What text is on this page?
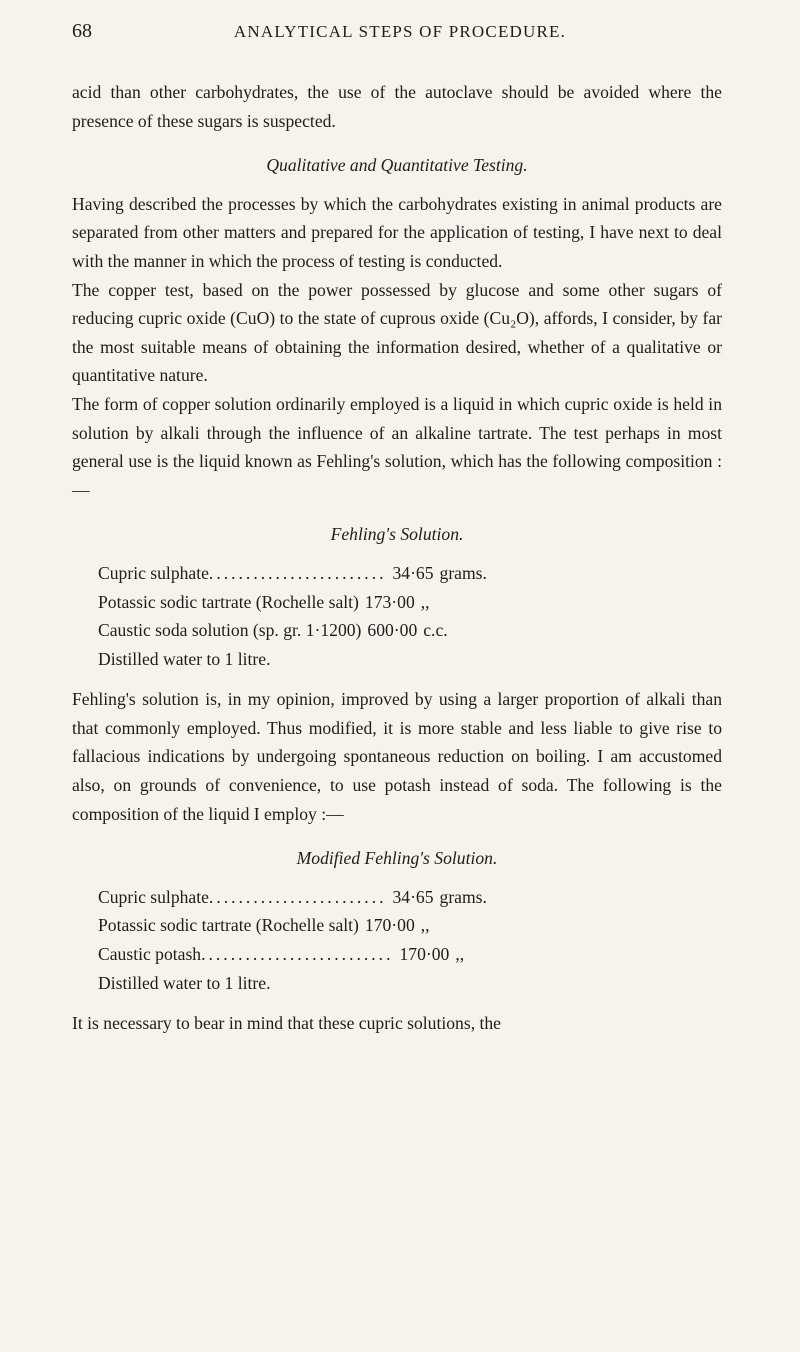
68	ANALYTICAL STEPS OF PROCEDURE.

acid than other carbohydrates, the use of the autoclave should be avoided where the presence of these sugars is suspected.

Qualitative and Quantitative Testing.

Having described the processes by which the carbohydrates existing in animal products are separated from other matters and prepared for the application of testing, I have next to deal with the manner in which the process of testing is conducted.

The copper test, based on the power possessed by glucose and some other sugars of reducing cupric oxide (CuO) to the state of cuprous oxide (Cu₂O), affords, I consider, by far the most suitable means of obtaining the information desired, whether of a qualitative or quantitative nature.

The form of copper solution ordinarily employed is a liquid in which cupric oxide is held in solution by alkali through the influence of an alkaline tartrate. The test perhaps in most general use is the liquid known as Fehling's solution, which has the following composition :—

Fehling's Solution.
Cupric sulphate ........................ 34·65 grams.
Potassic sodic tartrate (Rochelle salt) 173·00 ,,
Caustic soda solution (sp. gr. 1·1200) 600·00 c.c.
Distilled water to 1 litre.

Fehling's solution is, in my opinion, improved by using a larger proportion of alkali than that commonly employed. Thus modified, it is more stable and less liable to give rise to fallacious indications by undergoing spontaneous reduction on boiling. I am accustomed also, on grounds of convenience, to use potash instead of soda. The following is the composition of the liquid I employ :—

Modified Fehling's Solution.
Cupric sulphate ........................ 34·65 grams.
Potassic sodic tartrate (Rochelle salt) 170·00 ,,
Caustic potash .......................... 170·00 ,,
Distilled water to 1 litre.

It is necessary to bear in mind that these cupric solutions, the
